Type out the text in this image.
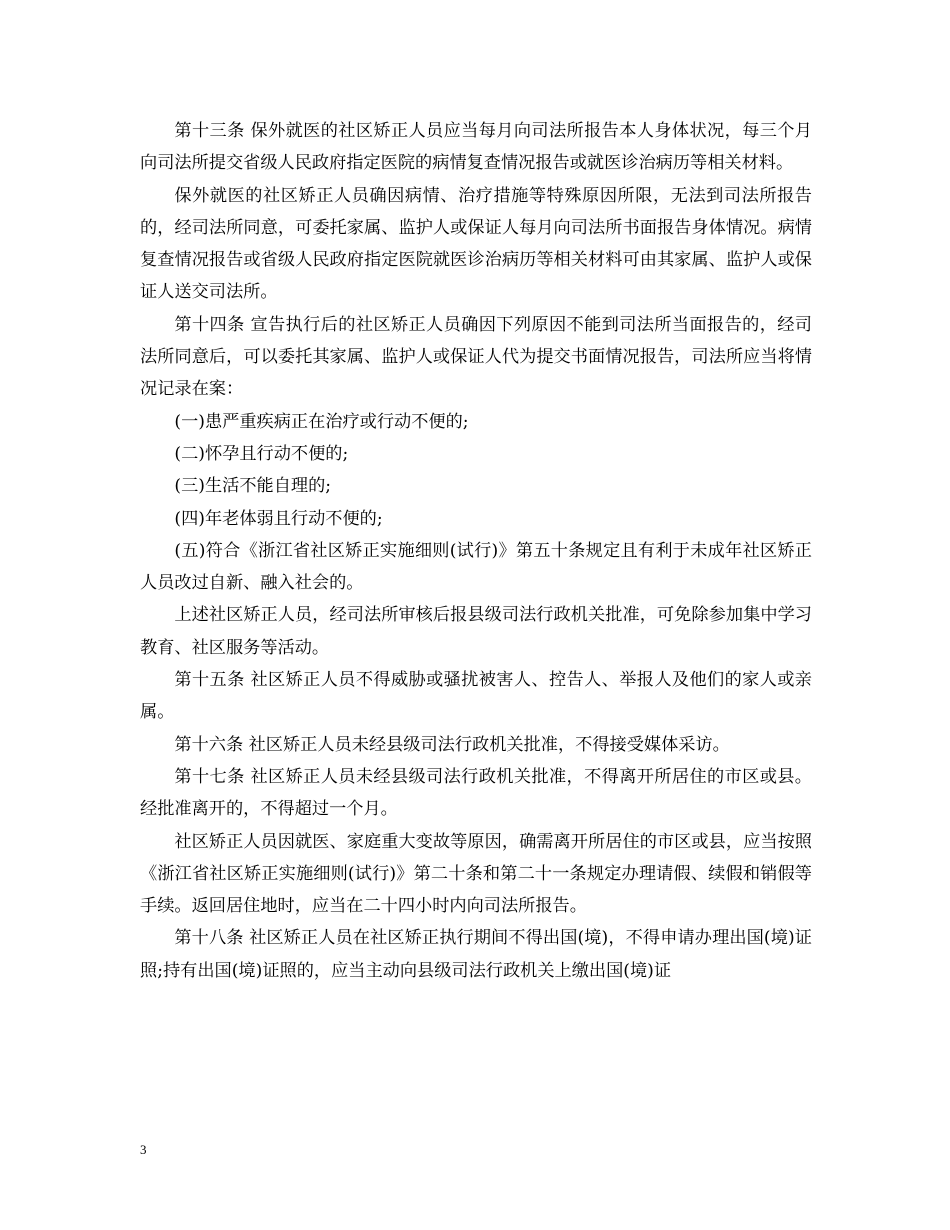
第十三条 保外就医的社区矫正人员应当每月向司法所报告本人身体状况，每三个月向司法所提交省级人民政府指定医院的病情复查情况报告或就医诊治病历等相关材料。

保外就医的社区矫正人员确因病情、治疗措施等特殊原因所限，无法到司法所报告的，经司法所同意，可委托家属、监护人或保证人每月向司法所书面报告身体情况。病情复查情况报告或省级人民政府指定医院就医诊治病历等相关材料可由其家属、监护人或保证人送交司法所。

第十四条 宣告执行后的社区矫正人员确因下列原因不能到司法所当面报告的，经司法所同意后，可以委托其家属、监护人或保证人代为提交书面情况报告，司法所应当将情况记录在案：

(一)患严重疾病正在治疗或行动不便的;

(二)怀孕且行动不便的;

(三)生活不能自理的;

(四)年老体弱且行动不便的;

(五)符合《浙江省社区矫正实施细则(试行)》第五十条规定且有利于未成年社区矫正人员改过自新、融入社会的。

上述社区矫正人员，经司法所审核后报县级司法行政机关批准，可免除参加集中学习教育、社区服务等活动。

第十五条 社区矫正人员不得威胁或骚扰被害人、控告人、举报人及他们的家人或亲属。

第十六条 社区矫正人员未经县级司法行政机关批准，不得接受媒体采访。

第十七条 社区矫正人员未经县级司法行政机关批准，不得离开所居住的市区或县。经批准离开的，不得超过一个月。

社区矫正人员因就医、家庭重大变故等原因，确需离开所居住的市区或县，应当按照《浙江省社区矫正实施细则(试行)》第二十条和第二十一条规定办理请假、续假和销假等手续。返回居住地时，应当在二十四小时内向司法所报告。

第十八条 社区矫正人员在社区矫正执行期间不得出国(境)，不得申请办理出国(境)证照;持有出国(境)证照的，应当主动向县级司法行政机关上缴出国(境)证

3
